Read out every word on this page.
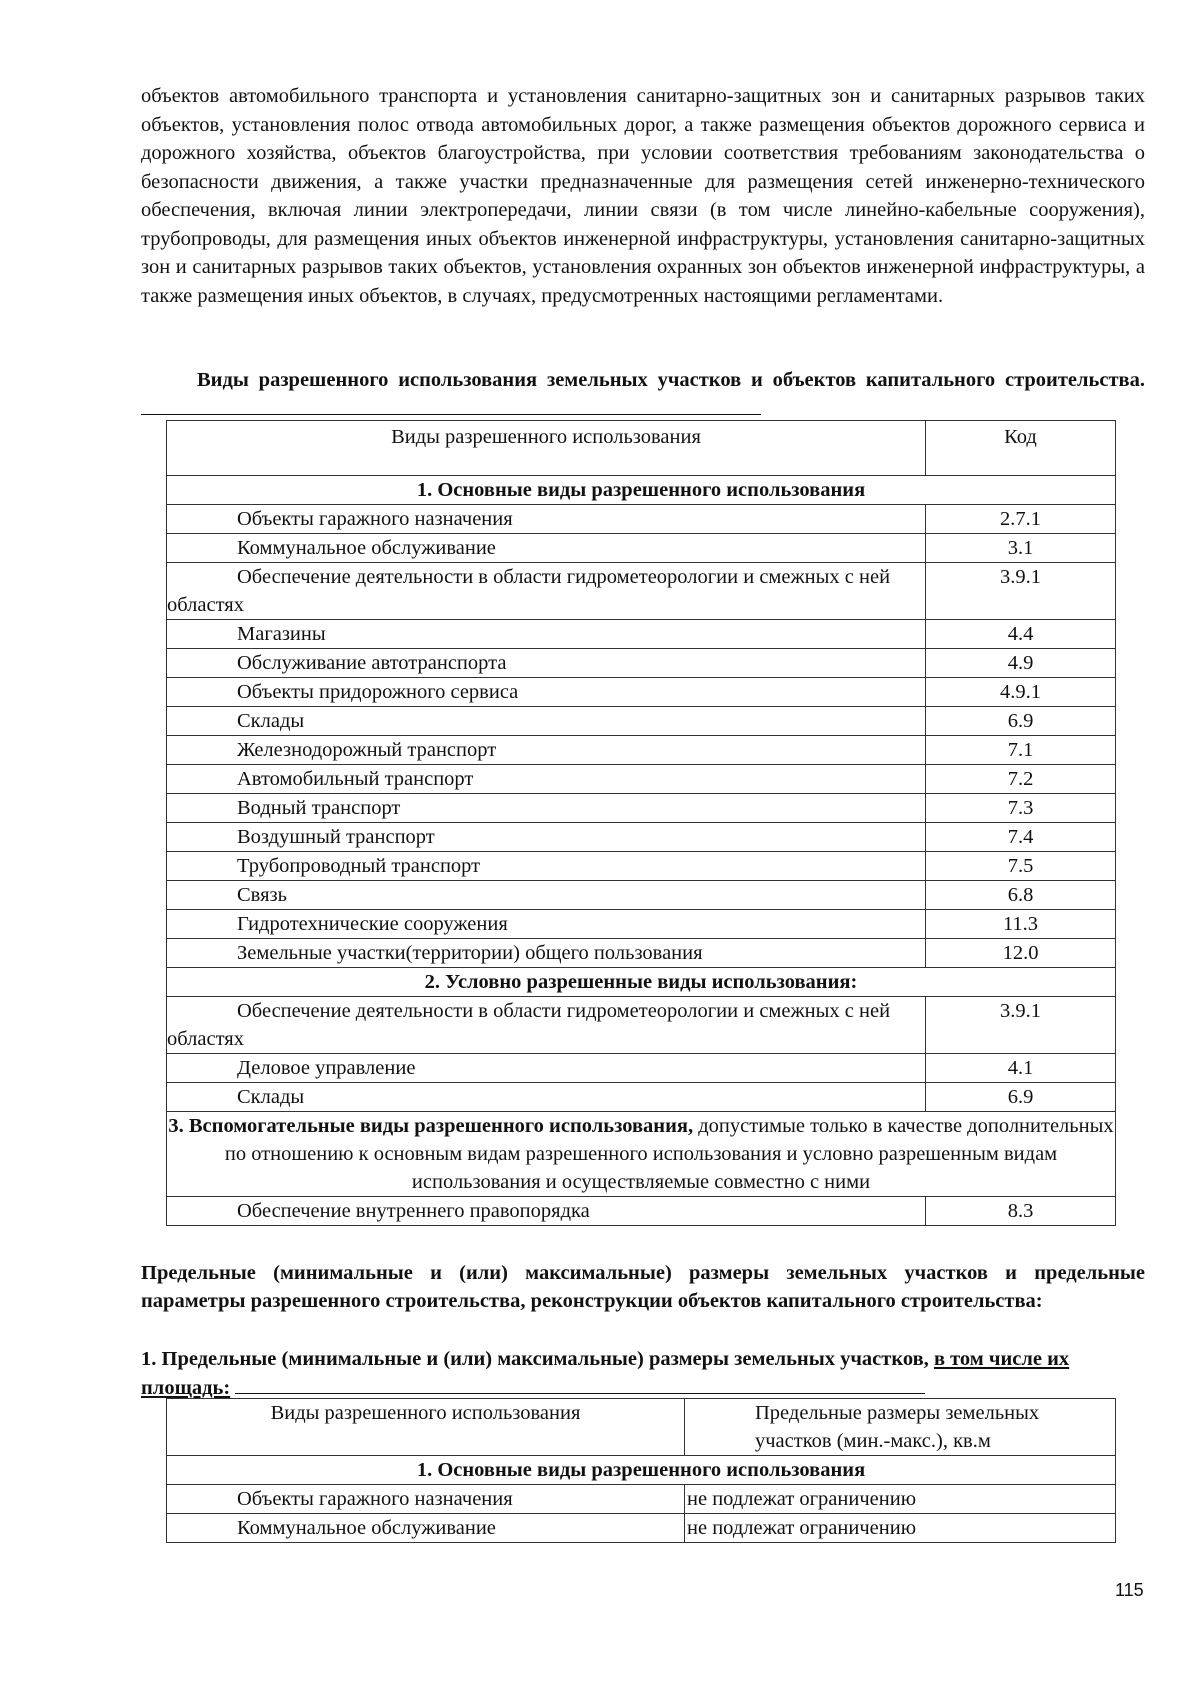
объектов автомобильного транспорта и установления санитарно-защитных зон и санитарных разрывов таких объектов, установления полос отвода автомобильных дорог, а также размещения объектов дорожного сервиса и дорожного хозяйства, объектов благоустройства, при условии соответствия требованиям законодательства о безопасности движения, а также участки предназначенные для размещения сетей инженерно-технического обеспечения, включая линии электропередачи, линии связи (в том числе линейно-кабельные сооружения), трубопроводы, для размещения иных объектов инженерной инфраструктуры, установления санитарно-защитных зон и санитарных разрывов таких объектов, установления охранных зон объектов инженерной инфраструктуры, а также размещения иных объектов, в случаях, предусмотренных настоящими регламентами.

Виды разрешенного использования земельных участков и объектов капитального строительства.

Виды разрешенного использования	Код
1. Основные виды разрешенного использования	
Объекты гаражного назначения	2.7.1
Коммунальное обслуживание	3.1
Обеспечение деятельности в области гидрометеорологии и смежных с ней областях	3.9.1
Магазины	4.4
Обслуживание автотранспорта	4.9
Объекты придорожного сервиса	4.9.1
Склады	6.9
Железнодорожный транспорт	7.1
Автомобильный транспорт	7.2
Водный транспорт	7.3
Воздушный транспорт	7.4
Трубопроводный транспорт	7.5
Связь	6.8
Гидротехнические сооружения	11.3
Земельные участки(территории) общего пользования	12.0
2. Условно разрешенные виды использования:	
Обеспечение деятельности в области гидрометеорологии и смежных с ней областях	3.9.1
Деловое управление	4.1
Склады	6.9
3. Вспомогательные виды разрешенного использования, допустимые только в качестве дополнительных по отношению к основным видам разрешенного использования и условно разрешенным видам использования и осуществляемые совместно с ними	
Обеспечение внутреннего правопорядка	8.3

Предельные (минимальные и (или) максимальные) размеры земельных участков и предельные параметры разрешенного строительства, реконструкции объектов капитального строительства:

1. Предельные (минимальные и (или) максимальные) размеры земельных участков, в том числе их площадь:

Виды разрешенного использования	Предельные размеры земельных участков (мин.-макс.), кв.м
1. Основные виды разрешенного использования	
Объекты гаражного назначения	не подлежат ограничению
Коммунальное обслуживание	не подлежат ограничению
115
